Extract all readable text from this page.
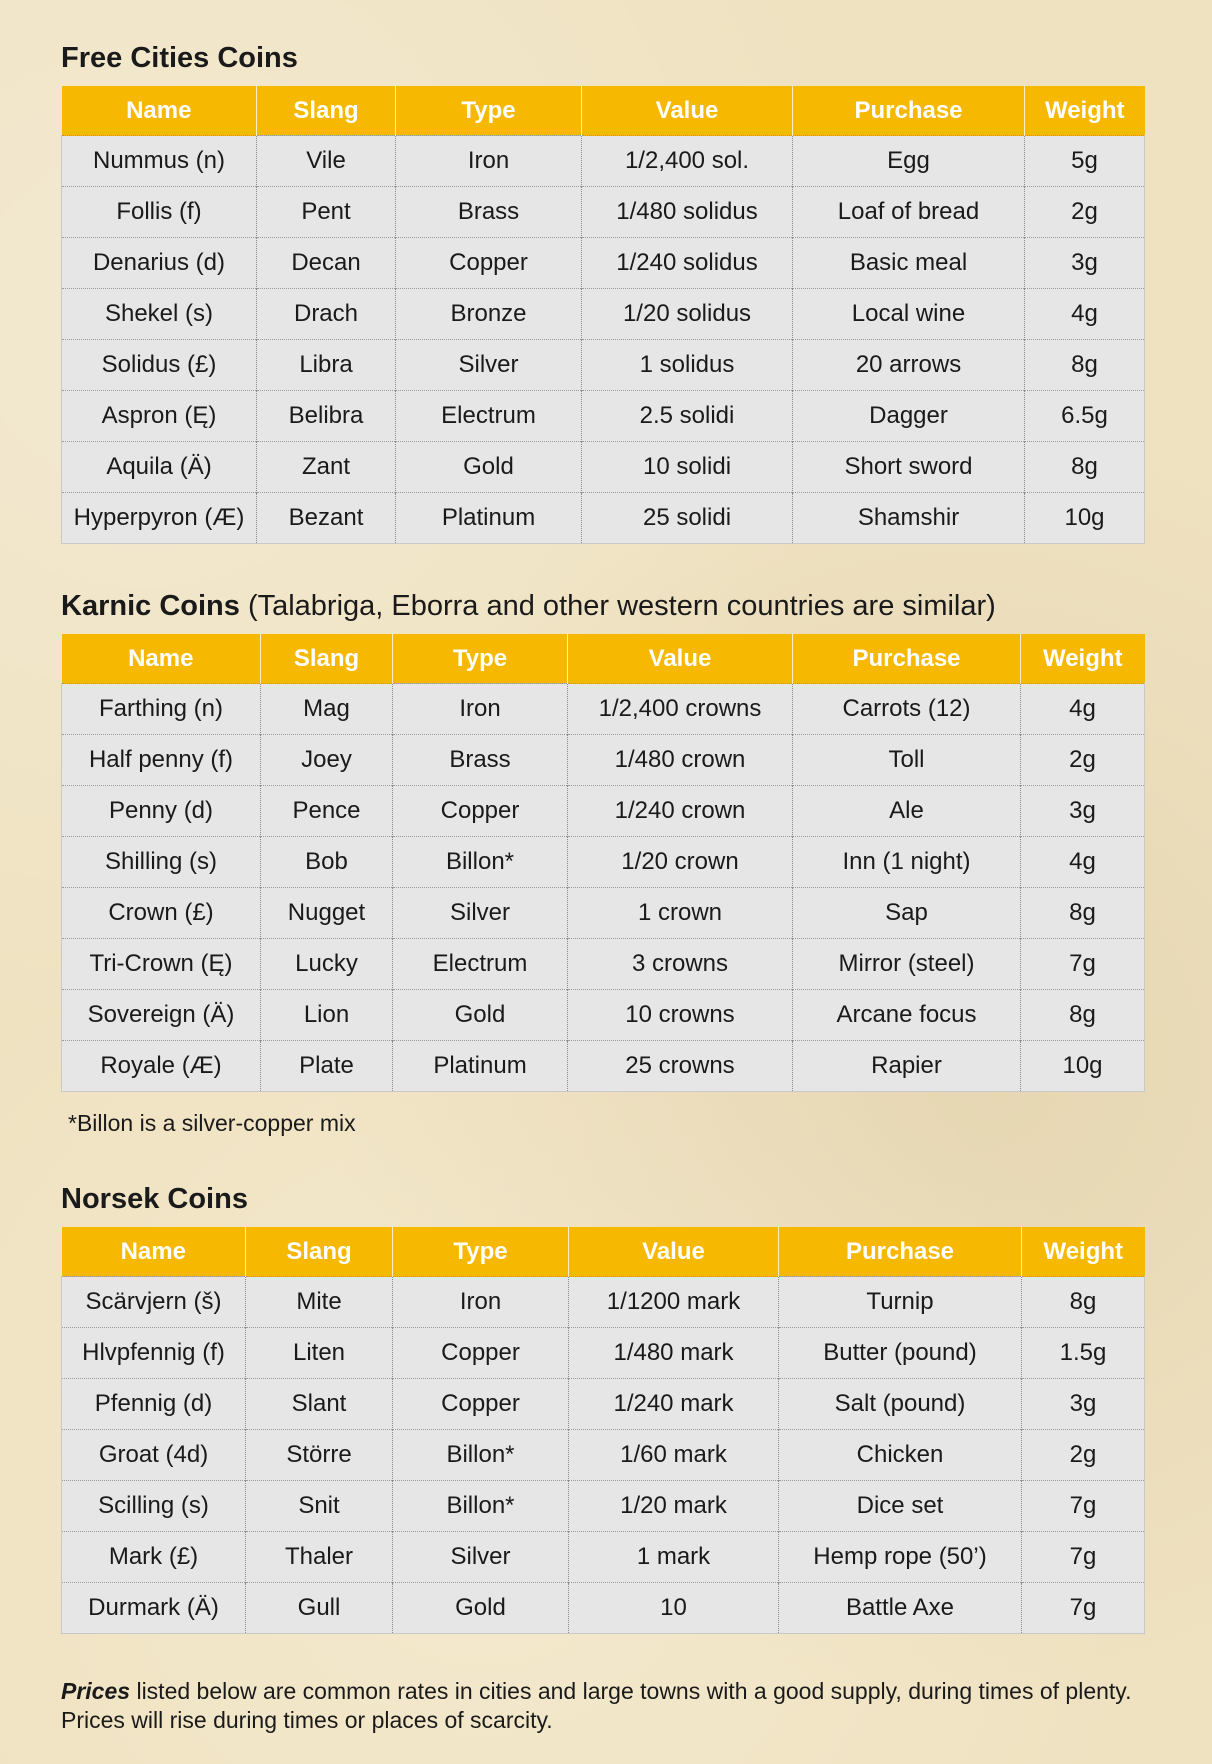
Free Cities Coins
Name	Slang	Type	Value	Purchase	Weight
Nummus (n)	Vile	Iron	1/2,400 sol.	Egg	5g
Follis (f)	Pent	Brass	1/480 solidus	Loaf of bread	2g
Denarius (d)	Decan	Copper	1/240 solidus	Basic meal	3g
Shekel (s)	Drach	Bronze	1/20 solidus	Local wine	4g
Solidus (£)	Libra	Silver	1 solidus	20 arrows	8g
Aspron (Ę)	Belibra	Electrum	2.5 solidi	Dagger	6.5g
Aquila (Ä)	Zant	Gold	10 solidi	Short sword	8g
Hyperpyron (Æ)	Bezant	Platinum	25 solidi	Shamshir	10g
Karnic Coins (Talabriga, Eborra and other western countries are similar)
Name	Slang	Type	Value	Purchase	Weight
Farthing (n)	Mag	Iron	1/2,400 crowns	Carrots (12)	4g
Half penny (f)	Joey	Brass	1/480 crown	Toll	2g
Penny (d)	Pence	Copper	1/240 crown	Ale	3g
Shilling (s)	Bob	Billon*	1/20 crown	Inn (1 night)	4g
Crown (£)	Nugget	Silver	1 crown	Sap	8g
Tri-Crown (Ę)	Lucky	Electrum	3 crowns	Mirror (steel)	7g
Sovereign (Ä)	Lion	Gold	10 crowns	Arcane focus	8g
Royale (Æ)	Plate	Platinum	25 crowns	Rapier	10g
*Billon is a silver-copper mix
Norsek Coins
Name	Slang	Type	Value	Purchase	Weight
Scärvjern (š)	Mite	Iron	1/1200 mark	Turnip	8g
Hlvpfennig (f)	Liten	Copper	1/480 mark	Butter (pound)	1.5g
Pfennig (d)	Slant	Copper	1/240 mark	Salt (pound)	3g
Groat (4d)	Större	Billon*	1/60 mark	Chicken	2g
Scilling (s)	Snit	Billon*	1/20 mark	Dice set	7g
Mark (£)	Thaler	Silver	1 mark	Hemp rope (50’)	7g
Durmark (Ä)	Gull	Gold	10	Battle Axe	7g
Prices listed below are common rates in cities and large towns with a good supply, during times of plenty. Prices will rise during times or places of scarcity.
